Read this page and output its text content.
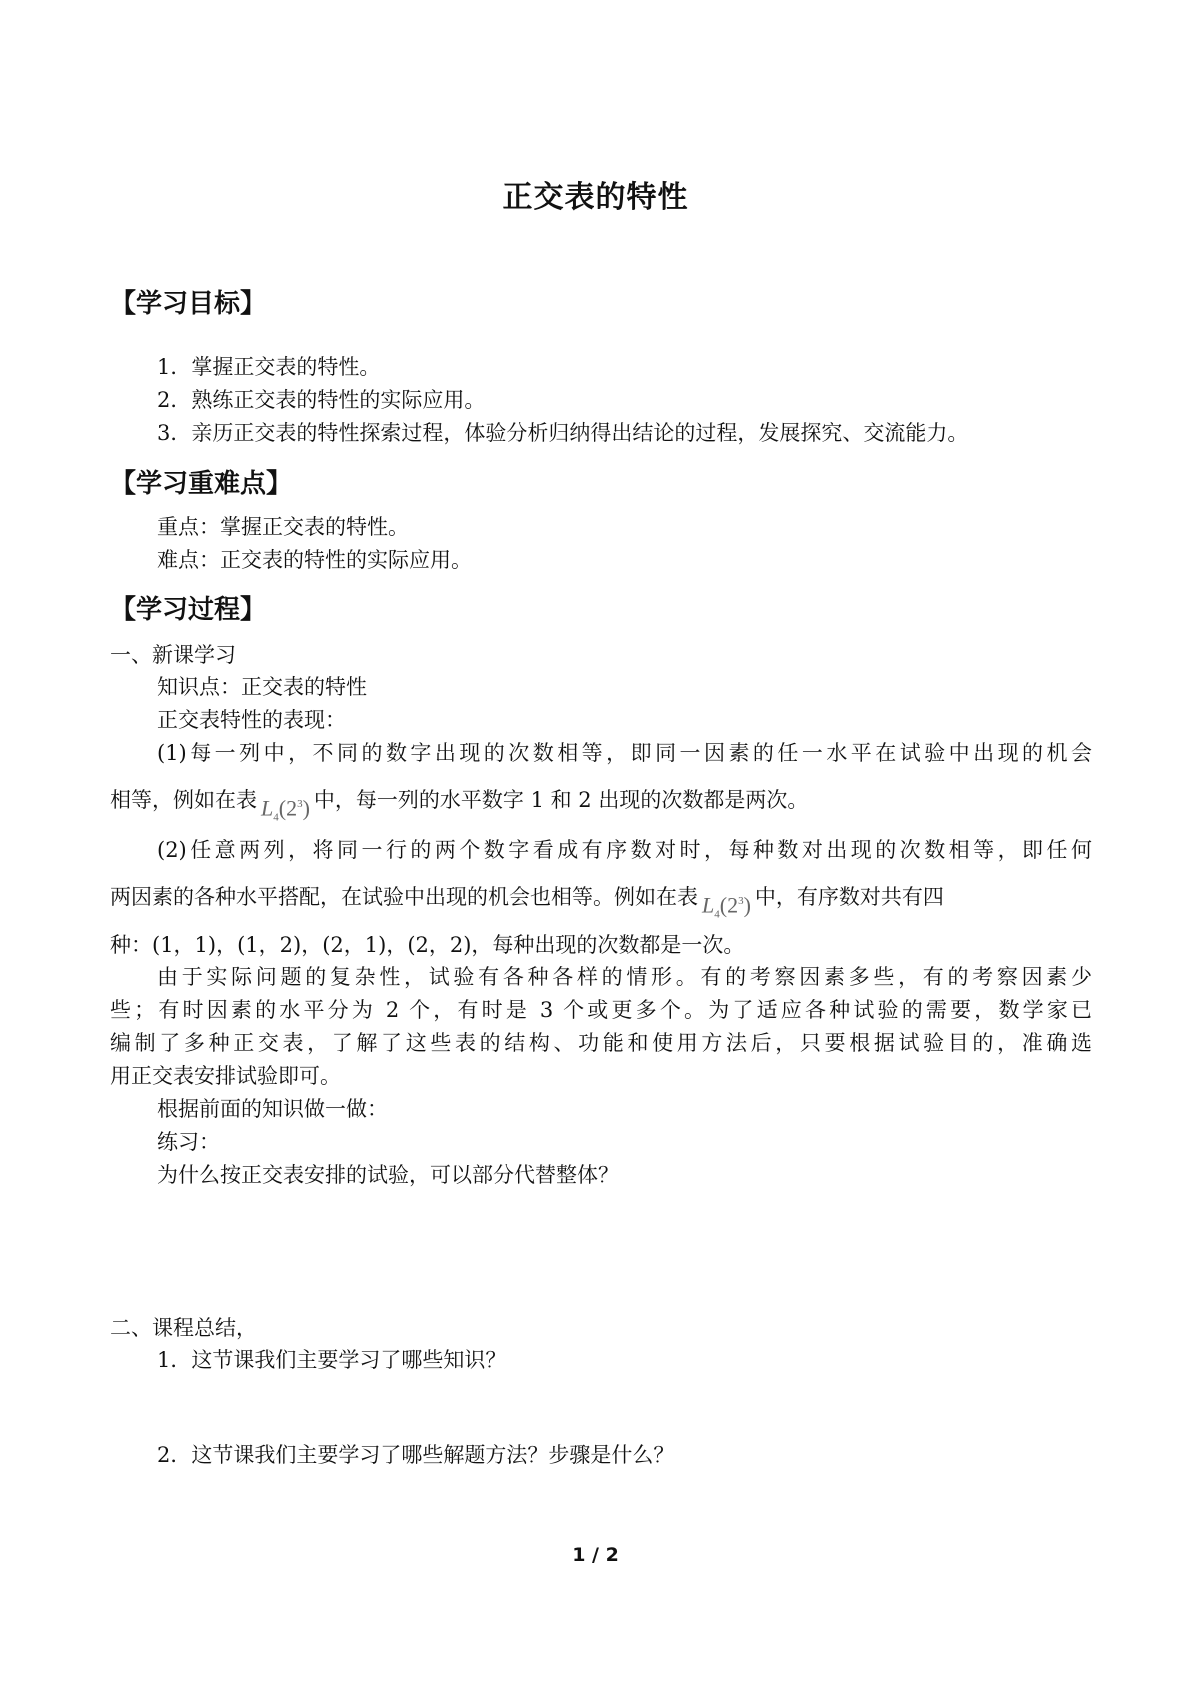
正交表的特性
【学习目标】
1．掌握正交表的特性。
2．熟练正交表的特性的实际应用。
3．亲历正交表的特性探索过程，体验分析归纳得出结论的过程，发展探究、交流能力。
【学习重难点】
重点：掌握正交表的特性。
难点：正交表的特性的实际应用。
【学习过程】
一、新课学习
知识点：正交表的特性
正交表特性的表现：
(1)每一列中，不同的数字出现的次数相等，即同一因素的任一水平在试验中出现的机会
相等，例如在表 $L_4(2^3)$ 中，每一列的水平数字 1 和 2 出现的次数都是两次。
(2)任意两列，将同一行的两个数字看成有序数对时，每种数对出现的次数相等，即任何
两因素的各种水平搭配，在试验中出现的机会也相等。例如在表 $L_4(2^3)$ 中，有序数对共有四
种：(1，1)，(1，2)，(2，1)，(2，2)，每种出现的次数都是一次。
由于实际问题的复杂性，试验有各种各样的情形。有的考察因素多些，有的考察因素少
些；有时因素的水平分为 2 个，有时是 3 个或更多个。为了适应各种试验的需要，数学家已
编制了多种正交表，了解了这些表的结构、功能和使用方法后，只要根据试验目的，准确选
用正交表安排试验即可。
根据前面的知识做一做：
练习：
为什么按正交表安排的试验，可以部分代替整体？
二、课程总结，
1．这节课我们主要学习了哪些知识？
2．这节课我们主要学习了哪些解题方法？步骤是什么？
1 / 2
